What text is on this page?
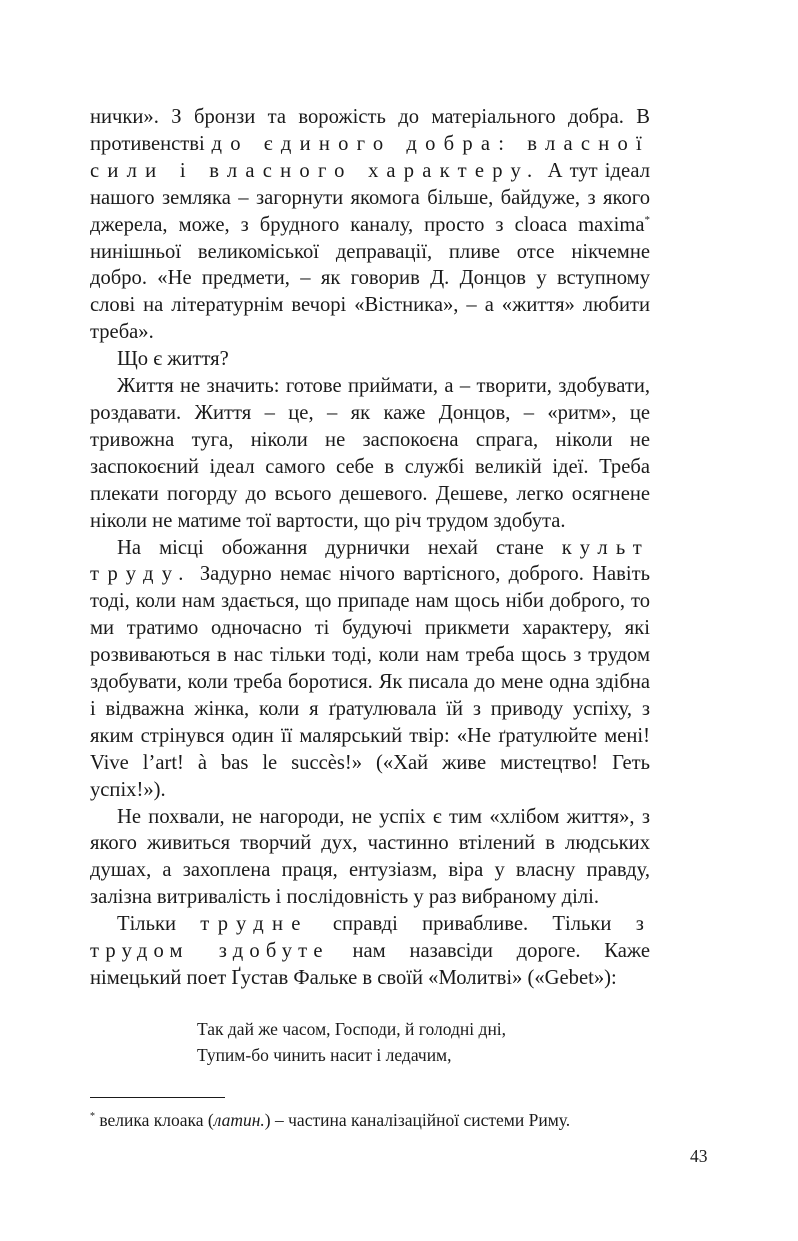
нички». З бронзи та ворожість до матеріального добра. В противенстві до єдиного добра: власної сили і власного характеру. А тут ідеал нашого земляка – загорнути якомога більше, байдуже, з якого джерела, може, з брудного каналу, просто з cloaca maxima* нинішньої великоміської деправації, пливе отсе нікчемне добро. «Не предмети, – як говорив Д. Донцов у вступному слові на літературнім вечорі «Вістника», – а «життя» любити треба».

Що є життя?

Життя не значить: готове приймати, а – творити, здобувати, роздавати. Життя – це, – як каже Донцов, – «ритм», це тривожна туга, ніколи не заспокоєна спрага, ніколи не заспокоєний ідеал самого себе в службі великій ідеї. Треба плекати погорду до всього дешевого. Дешеве, легко осягнене ніколи не матиме тої вартости, що річ трудом здобута.

На місці обожання дурнички нехай стане культ труду. Задурно немає нічого вартісного, доброго. Навіть тоді, коли нам здається, що припаде нам щось ніби доброго, то ми тратимо одночасно ті будуючі прикмети характеру, які розвиваються в нас тільки тоді, коли нам треба щось з трудом здобувати, коли треба боротися. Як писала до мене одна здібна і відважна жінка, коли я ґратулювала їй з приводу успіху, з яким стрінувся один її малярський твір: «Не ґратулюйте мені! Vive l’art! à bas le succès!» («Хай живе мистецтво! Геть успіх!»).

Не похвали, не нагороди, не успіх є тим «хлібом життя», з якого живиться творчий дух, частинно втілений в людських душах, а захоплена праця, ентузіазм, віра у власну правду, залізна витривалість і послідовність у раз вибраному ділі.

Тільки трудне справді привабливе. Тільки з трудом здобуте нам назавсіди дороге. Каже німецький поет Ґустав Фальке в своїй «Молитві» («Gebet»):

Так дай же часом, Господи, й голодні дні,
Тупим-бо чинить насит і ледачим,
* велика клоака (латин.) – частина каналізаційної системи Риму.
43
